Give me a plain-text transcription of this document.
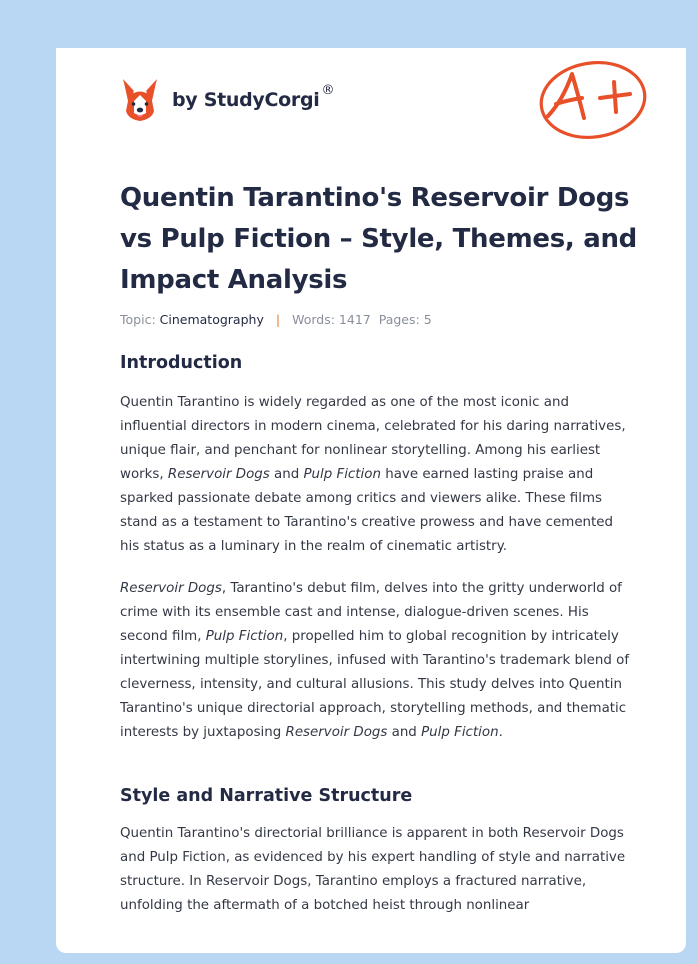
by StudyCorgi ®
A+
Quentin Tarantino's Reservoir Dogs vs Pulp Fiction – Style, Themes, and Impact Analysis
Topic: Cinematography | Words: 1417 Pages: 5
Introduction

Quentin Tarantino is widely regarded as one of the most iconic and influential directors in modern cinema, celebrated for his daring narratives, unique flair, and penchant for nonlinear storytelling. Among his earliest works, Reservoir Dogs and Pulp Fiction have earned lasting praise and sparked passionate debate among critics and viewers alike. These films stand as a testament to Tarantino's creative prowess and have cemented his status as a luminary in the realm of cinematic artistry.

Reservoir Dogs, Tarantino's debut film, delves into the gritty underworld of crime with its ensemble cast and intense, dialogue-driven scenes. His second film, Pulp Fiction, propelled him to global recognition by intricately intertwining multiple storylines, infused with Tarantino's trademark blend of cleverness, intensity, and cultural allusions. This study delves into Quentin Tarantino's unique directorial approach, storytelling methods, and thematic interests by juxtaposing Reservoir Dogs and Pulp Fiction.

Style and Narrative Structure

Quentin Tarantino's directorial brilliance is apparent in both Reservoir Dogs and Pulp Fiction, as evidenced by his expert handling of style and narrative structure. In Reservoir Dogs, Tarantino employs a fractured narrative, unfolding the aftermath of a botched heist through nonlinear
